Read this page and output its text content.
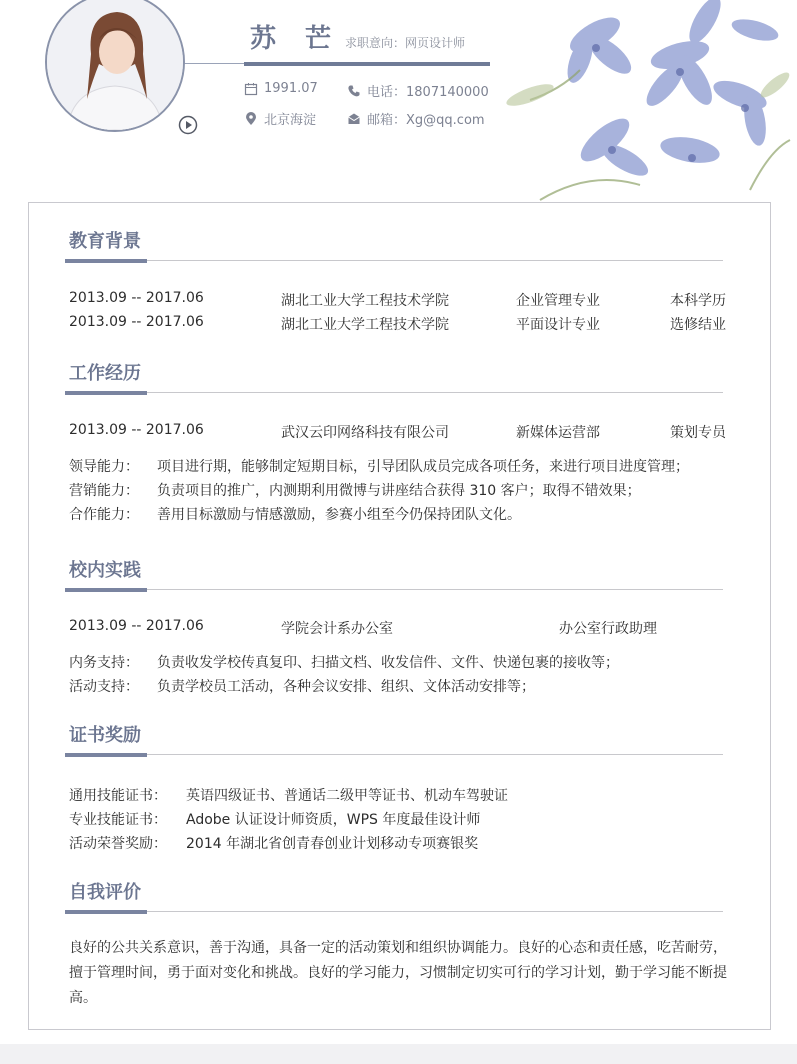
苏 芒 求职意向：网页设计师
1991.07	电话：1807140000
北京海淀	邮箱：Xg@qq.com
教育背景
2013.09 -- 2017.06	湖北工业大学工程技术学院	企业管理专业	本科学历
2013.09 -- 2017.06	湖北工业大学工程技术学院	平面设计专业	选修结业
工作经历
2013.09 -- 2017.06	武汉云印网络科技有限公司	新媒体运营部	策划专员
领导能力： 项目进行期，能够制定短期目标，引导团队成员完成各项任务，来进行项目进度管理；
营销能力： 负责项目的推广，内测期利用微博与讲座结合获得 310 客户；取得不错效果；
合作能力： 善用目标激励与情感激励，参赛小组至今仍保持团队文化。
校内实践
2013.09 -- 2017.06	学院会计系办公室	办公室行政助理
内务支持： 负责收发学校传真复印、扫描文档、收发信件、文件、快递包裹的接收等；
活动支持： 负责学校员工活动，各种会议安排、组织、文体活动安排等；
证书奖励
通用技能证书： 英语四级证书、普通话二级甲等证书、机动车驾驶证
专业技能证书： Adobe 认证设计师资质，WPS 年度最佳设计师
活动荣誉奖励： 2014 年湖北省创青春创业计划移动专项赛银奖
自我评价
良好的公共关系意识，善于沟通，具备一定的活动策划和组织协调能力。良好的心态和责任感，吃苦耐劳，擅于管理时间，勇于面对变化和挑战。良好的学习能力，习惯制定切实可行的学习计划，勤于学习能不断提高。
